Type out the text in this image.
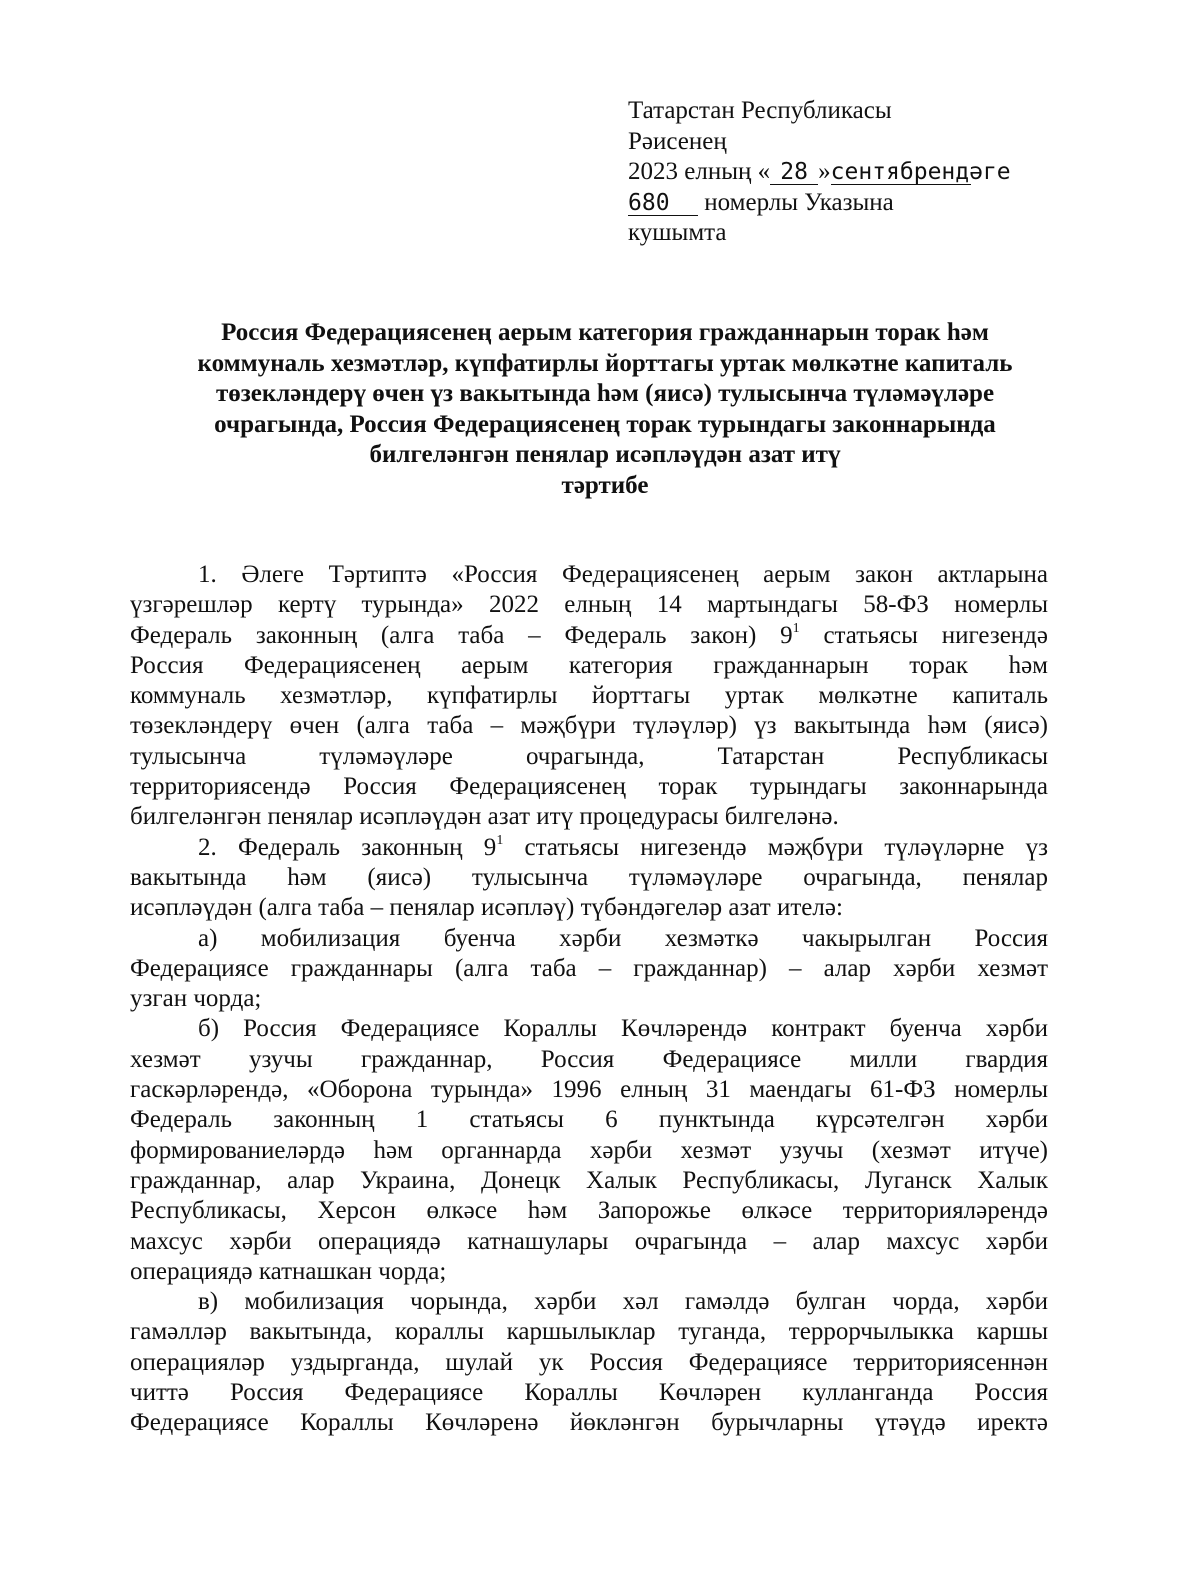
Татарстан Республикасы
Рәисенең
2023 елның « 28 »сентябрендәге
680 номерлы Указына
кушымта
Россия Федерациясенең аерым категория гражданнарын торак һәм
коммуналь хезмәтләр, күпфатирлы йорттагы уртак мөлкәтне капиталь
төзекләндерү өчен үз вакытында һәм (яисә) тулысынча түләмәүләре
очрагында, Россия Федерациясенең торак турындагы законнарында
билгеләнгән пенялар исәпләүдән азат итү
тәртибе

1. Әлеге Тәртиптә «Россия Федерациясенең аерым закон актларына

үзгәрешләр кертү турында» 2022 елның 14 мартындагы 58-ФЗ номерлы

Федераль законның (алга таба – Федераль закон) $9^1$ статьясы нигезендә

Россия Федерациясенең аерым категория гражданнарын торак һәм

коммуналь хезмәтләр, күпфатирлы йорттагы уртак мөлкәтне капиталь

төзекләндерү өчен (алга таба – мәҗбүри түләүләр) үз вакытында һәм (яисә)

тулысынча түләмәүләре очрагында, Татарстан Республикасы

территориясендә Россия Федерациясенең торак турындагы законнарында

билгеләнгән пенялар исәпләүдән азат итү процедурасы билгеләнә.

2. Федераль законның $9^1$ статьясы нигезендә мәҗбүри түләүләрне үз

вакытында һәм (яисә) тулысынча түләмәүләре очрагында, пенялар

исәпләүдән (алга таба – пенялар исәпләү) түбәндәгеләр азат ителә:

а) мобилизация буенча хәрби хезмәткә чакырылган Россия

Федерациясе гражданнары (алга таба – гражданнар) – алар хәрби хезмәт

узган чорда;

б) Россия Федерациясе Кораллы Көчләрендә контракт буенча хәрби

хезмәт узучы гражданнар, Россия Федерациясе милли гвардия

гаскәрләрендә, «Оборона турында» 1996 елның 31 маендагы 61-ФЗ номерлы

Федераль законның 1 статьясы 6 пунктында күрсәтелгән хәрби

формированиеләрдә һәм органнарда хәрби хезмәт узучы (хезмәт итүче)

гражданнар, алар Украина, Донецк Халык Республикасы, Луганск Халык

Республикасы, Херсон өлкәсе һәм Запорожье өлкәсе территорияләрендә

махсус хәрби операциядә катнашулары очрагында – алар махсус хәрби

операциядә катнашкан чорда;

в) мобилизация чорында, хәрби хәл гамәлдә булган чорда, хәрби

гамәлләр вакытында, кораллы каршылыклар туганда, террорчылыкка каршы

операцияләр уздырганда, шулай ук Россия Федерациясе территориясеннән

читтә Россия Федерациясе Кораллы Көчләрен кулланганда Россия

Федерациясе Кораллы Көчләренә йөкләнгән бурычларны үтәүдә иректә
